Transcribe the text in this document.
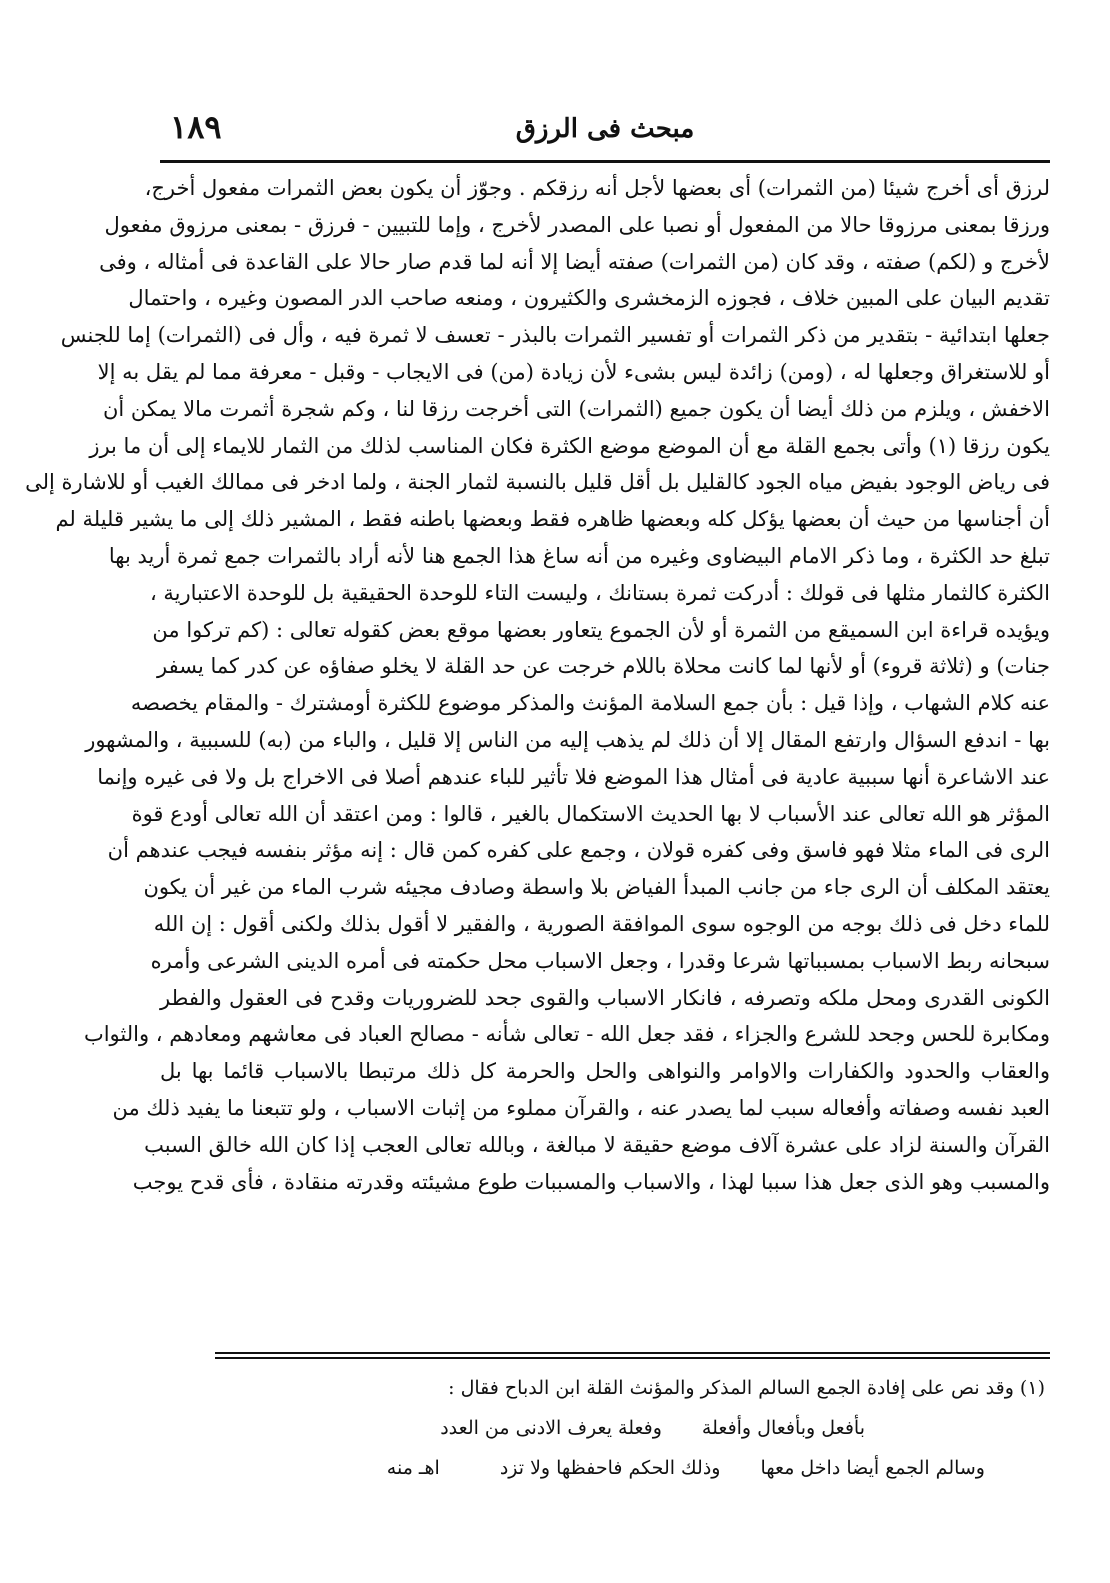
١٨٩	مبحث فى الرزق
لرزق أى أخرج شيئا (من الثمرات) أى بعضها لأجل أنه رزقكم . وجوّز أن يكون بعض الثمرات مفعول أخرج،
ورزقا بمعنى مرزوقا حالا من المفعول أو نصبا على المصدر لأخرج ، وإما للتبيين - فرزق - بمعنى مرزوق مفعول
لأخرج و (لكم) صفته ، وقد كان (من الثمرات) صفته أيضا إلا أنه لما قدم صار حالا على القاعدة فى أمثاله ، وفى
تقديم البيان على المبين خلاف ، فجوزه الزمخشرى والكثيرون ، ومنعه صاحب الدر المصون وغيره ، واحتمال
جعلها ابتدائية - بتقدير من ذكر الثمرات أو تفسير الثمرات بالبذر - تعسف لا ثمرة فيه ، وأل فى (الثمرات) إما للجنس
أو للاستغراق وجعلها له ، (ومن) زائدة ليس بشىء لأن زيادة (من) فى الايجاب - وقبل - معرفة مما لم يقل به إلا
الاخفش ، ويلزم من ذلك أيضا أن يكون جميع (الثمرات) التى أخرجت رزقا لنا ، وكم شجرة أثمرت مالا يمكن أن
يكون رزقا (١) وأتى بجمع القلة مع أن الموضع موضع الكثرة فكان المناسب لذلك من الثمار للايماء إلى أن ما برز
فى رياض الوجود بفيض مياه الجود كالقليل بل أقل قليل بالنسبة لثمار الجنة ، ولما ادخر فى ممالك الغيب أو للاشارة إلى
أن أجناسها من حيث أن بعضها يؤكل كله وبعضها ظاهره فقط وبعضها باطنه فقط ، المشير ذلك إلى ما يشير قليلة لم
تبلغ حد الكثرة ، وما ذكر الامام البيضاوى وغيره من أنه ساغ هذا الجمع هنا لأنه أراد بالثمرات جمع ثمرة أريد بها
الكثرة كالثمار مثلها فى قولك : أدركت ثمرة بستانك ، وليست التاء للوحدة الحقيقية بل للوحدة الاعتبارية ،
ويؤيده قراءة ابن السميقع من الثمرة أو لأن الجموع يتعاور بعضها موقع بعض كقوله تعالى : (كم تركوا من
جنات) و (ثلاثة قروء) أو لأنها لما كانت محلاة باللام خرجت عن حد القلة لا يخلو صفاؤه عن كدر كما يسفر
عنه كلام الشهاب ، وإذا قيل : بأن جمع السلامة المؤنث والمذكر موضوع للكثرة أومشترك - والمقام يخصصه
بها - اندفع السؤال وارتفع المقال إلا أن ذلك لم يذهب إليه من الناس إلا قليل ، والباء من (به) للسببية ، والمشهور
عند الاشاعرة أنها سببية عادية فى أمثال هذا الموضع فلا تأثير للباء عندهم أصلا فى الاخراج بل ولا فى غيره وإنما
المؤثر هو الله تعالى عند الأسباب لا بها الحديث الاستكمال بالغير ، قالوا : ومن اعتقد أن الله تعالى أودع قوة
الرى فى الماء مثلا فهو فاسق وفى كفره قولان ، وجمع على كفره كمن قال : إنه مؤثر بنفسه فيجب عندهم أن
يعتقد المكلف أن الرى جاء من جانب المبدأ الفياض بلا واسطة وصادف مجيئه شرب الماء من غير أن يكون
للماء دخل فى ذلك بوجه من الوجوه سوى الموافقة الصورية ، والفقير لا أقول بذلك ولكنى أقول : إن الله
سبحانه ربط الاسباب بمسبباتها شرعا وقدرا ، وجعل الاسباب محل حكمته فى أمره الدينى الشرعى وأمره
الكونى القدرى ومحل ملكه وتصرفه ، فانكار الاسباب والقوى جحد للضروريات وقدح فى العقول والفطر
ومكابرة للحس وجحد للشرع والجزاء ، فقد جعل الله - تعالى شأنه - مصالح العباد فى معاشهم ومعادهم ، والثواب
والعقاب والحدود والكفارات والاوامر والنواهى والحل والحرمة كل ذلك مرتبطا بالاسباب قائما بها بل
العبد نفسه وصفاته وأفعاله سبب لما يصدر عنه ، والقرآن مملوء من إثبات الاسباب ، ولو تتبعنا ما يفيد ذلك من
القرآن والسنة لزاد على عشرة آلاف موضع حقيقة لا مبالغة ، وبالله تعالى العجب إذا كان الله خالق السبب
والمسبب وهو الذى جعل هذا سببا لهذا ، والاسباب والمسببات طوع مشيئته وقدرته منقادة ، فأى قدح يوجب
(١) وقد نص على إفادة الجمع السالم المذكر والمؤنث القلة ابن الدباح فقال :
بأفعل وبأفعال وأفعلة
وفعلة يعرف الادنى من العدد
وسالم الجمع أيضا داخل معها
وذلك الحكم فاحفظها ولا تزد
اهـ منه
